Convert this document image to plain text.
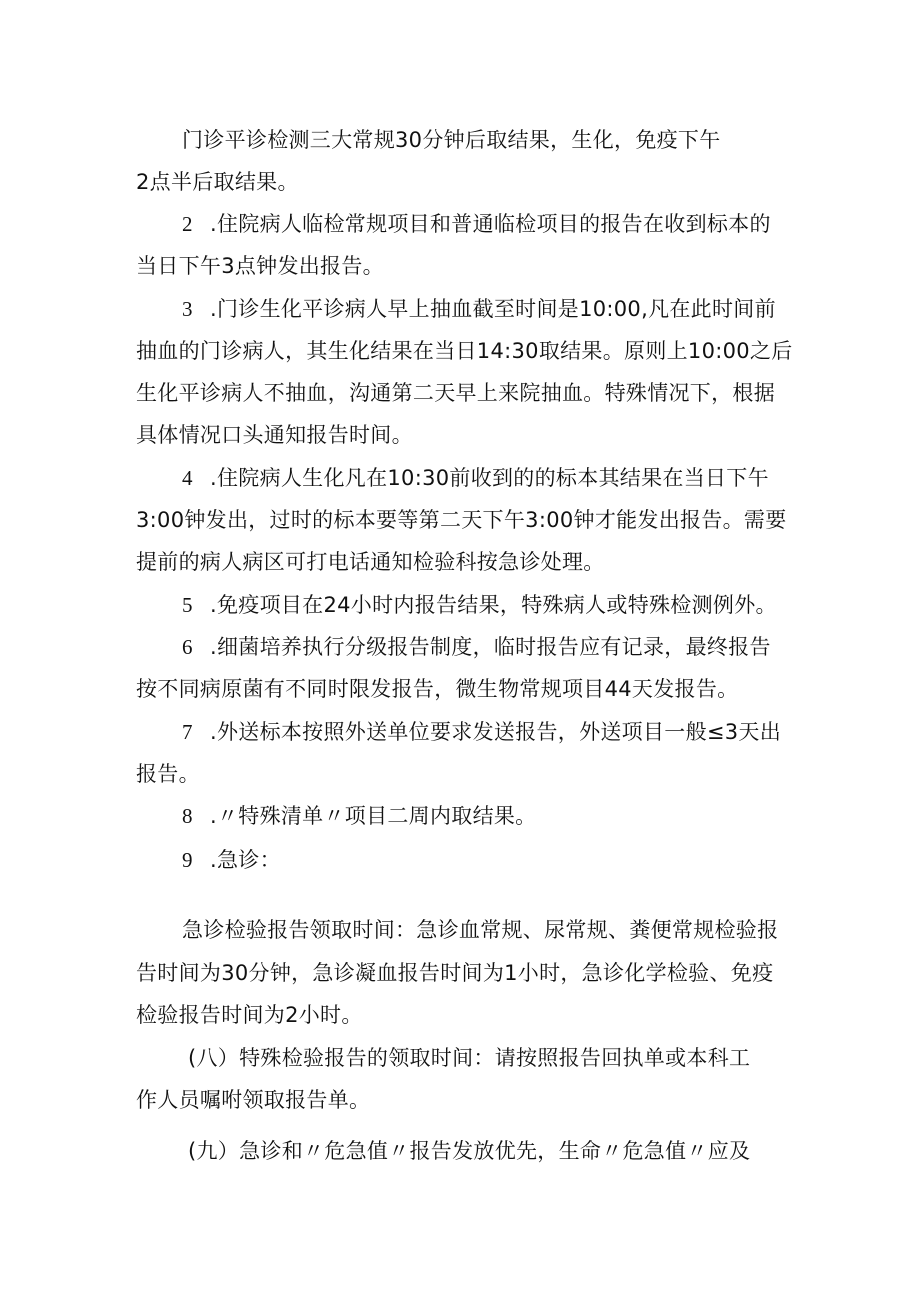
门诊平诊检测三大常规30分钟后取结果，生化，免疫下午

2点半后取结果。

2 .住院病人临检常规项目和普通临检项目的报告在收到标本的

当日下午3点钟发出报告。

3 .门诊生化平诊病人早上抽血截至时间是10:00,凡在此时间前

抽血的门诊病人，其生化结果在当日14:30取结果。原则上10:00之后

生化平诊病人不抽血，沟通第二天早上来院抽血。特殊情况下，根据

具体情况口头通知报告时间。

4 .住院病人生化凡在10:30前收到的的标本其结果在当日下午

3:00钟发出，过时的标本要等第二天下午3:00钟才能发出报告。需要

提前的病人病区可打电话通知检验科按急诊处理。

5 .免疫项目在24小时内报告结果，特殊病人或特殊检测例外。

6 .细菌培养执行分级报告制度，临时报告应有记录，最终报告

按不同病原菌有不同时限发报告，微生物常规项目44天发报告。

7 .外送标本按照外送单位要求发送报告，外送项目一般≤3天出

报告。

8 .〃特殊清单〃项目二周内取结果。

9 .急诊：

急诊检验报告领取时间：急诊血常规、尿常规、粪便常规检验报

告时间为30分钟，急诊凝血报告时间为1小时，急诊化学检验、免疫

检验报告时间为2小时。

(八）特殊检验报告的领取时间：请按照报告回执单或本科工

作人员嘱咐领取报告单。

(九）急诊和〃危急值〃报告发放优先，生命〃危急值〃应及
